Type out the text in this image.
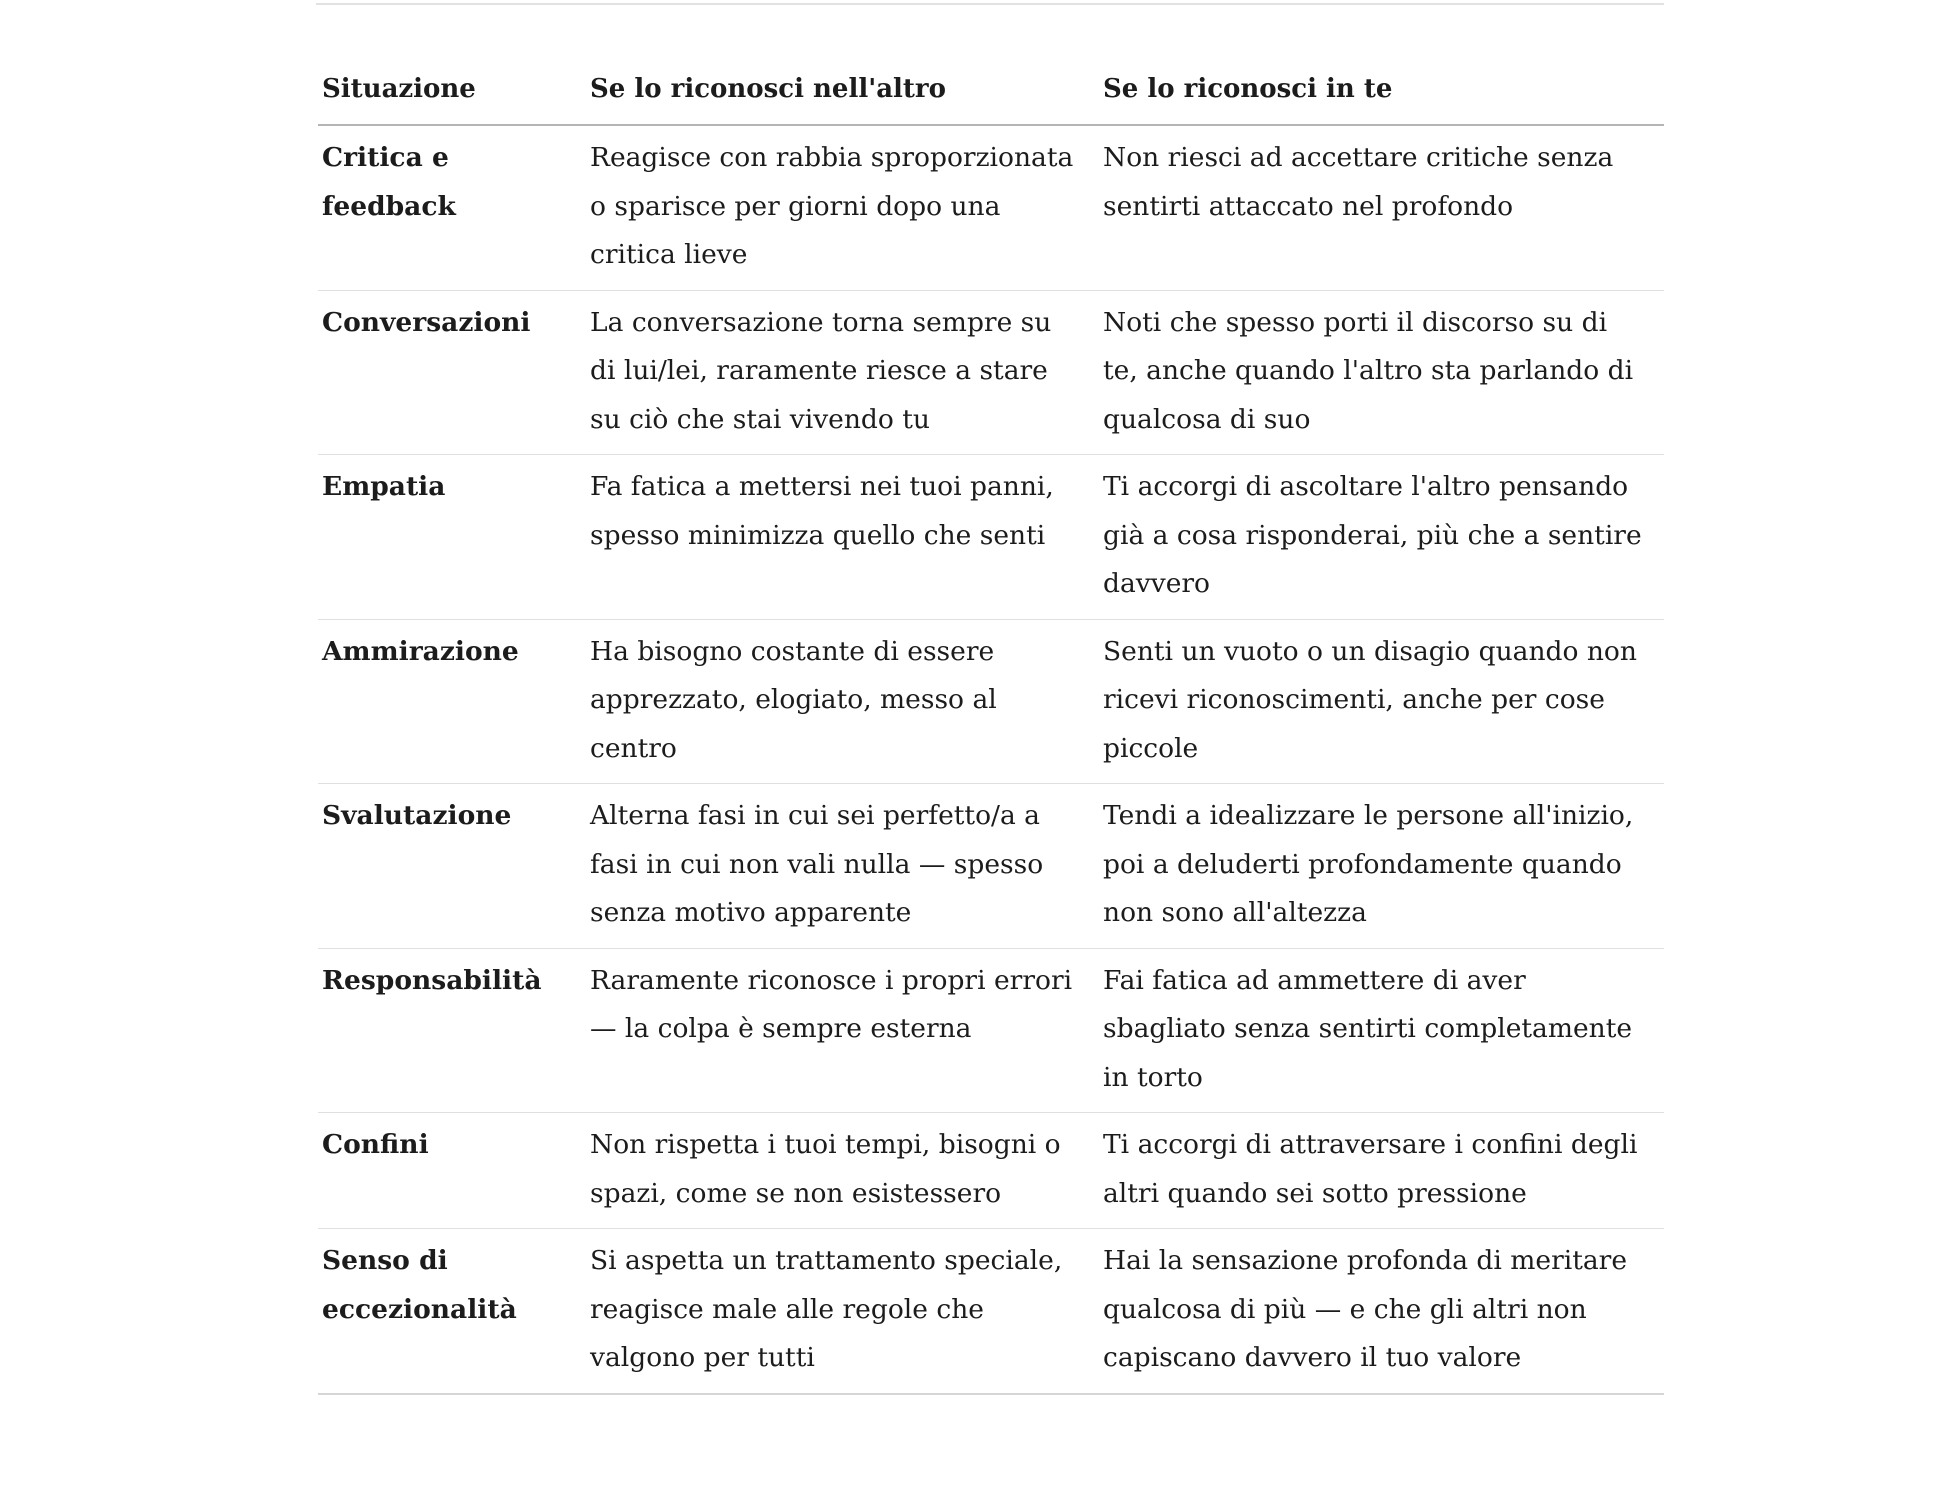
Situazione	Se lo riconosci nell'altro	Se lo riconosci in te
Critica e feedback	Reagisce con rabbia sproporzionata o sparisce per giorni dopo una critica lieve	Non riesci ad accettare critiche senza sentirti attaccato nel profondo
Conversazioni	La conversazione torna sempre su di lui/lei, raramente riesce a stare su ciò che stai vivendo tu	Noti che spesso porti il discorso su di te, anche quando l'altro sta parlando di qualcosa di suo
Empatia	Fa fatica a mettersi nei tuoi panni, spesso minimizza quello che senti	Ti accorgi di ascoltare l'altro pensando già a cosa risponderai, più che a sentire davvero
Ammirazione	Ha bisogno costante di essere apprezzato, elogiato, messo al centro	Senti un vuoto o un disagio quando non ricevi riconoscimenti, anche per cose piccole
Svalutazione	Alterna fasi in cui sei perfetto/a a fasi in cui non vali nulla — spesso senza motivo apparente	Tendi a idealizzare le persone all'inizio, poi a deluderti profondamente quando non sono all'altezza
Responsabilità	Raramente riconosce i propri errori — la colpa è sempre esterna	Fai fatica ad ammettere di aver sbagliato senza sentirti completamente in torto
Confini	Non rispetta i tuoi tempi, bisogni o spazi, come se non esistessero	Ti accorgi di attraversare i confini degli altri quando sei sotto pressione
Senso di eccezionalità	Si aspetta un trattamento speciale, reagisce male alle regole che valgono per tutti	Hai la sensazione profonda di meritare qualcosa di più — e che gli altri non capiscano davvero il tuo valore
